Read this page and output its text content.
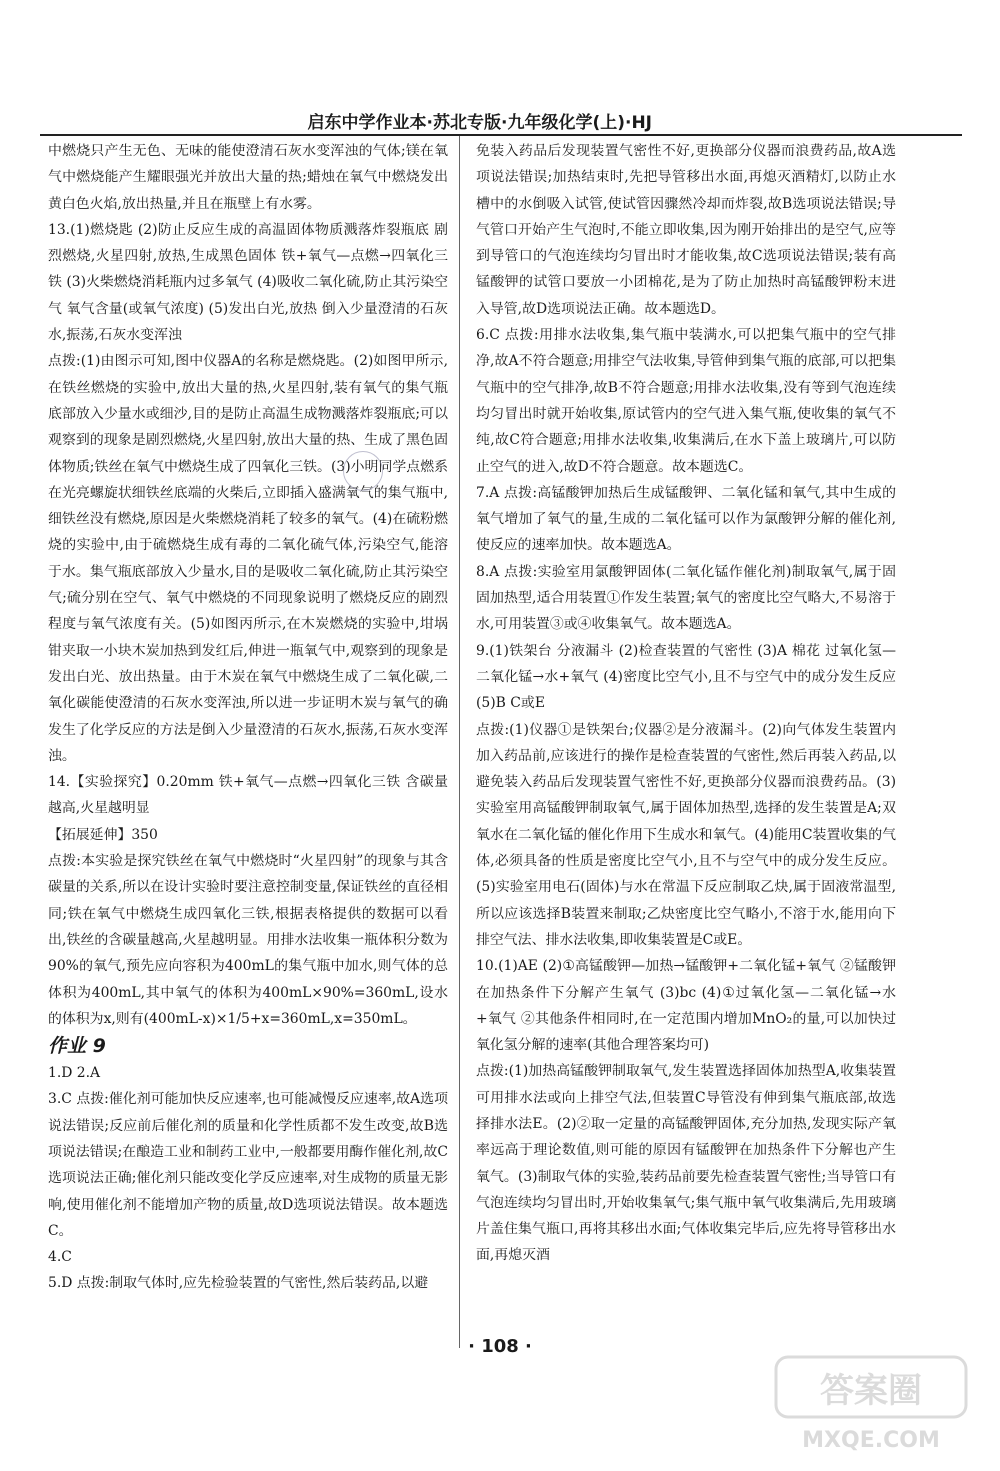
启东中学作业本·苏北专版·九年级化学(上)·HJ

中燃烧只产生无色、无味的能使澄清石灰水变浑浊的气体;镁在氧气中燃烧能产生耀眼强光并放出大量的热;蜡烛在氧气中燃烧发出黄白色火焰,放出热量,并且在瓶壁上有水雾。

13.(1)燃烧匙 (2)防止反应生成的高温固体物质溅落炸裂瓶底 剧烈燃烧,火星四射,放热,生成黑色固体 铁+氧气—点燃→四氧化三铁 (3)火柴燃烧消耗瓶内过多氧气 (4)吸收二氧化硫,防止其污染空气 氧气含量(或氧气浓度) (5)发出白光,放热 倒入少量澄清的石灰水,振荡,石灰水变浑浊

点拨:(1)由图示可知,图中仪器A的名称是燃烧匙。(2)如图甲所示,在铁丝燃烧的实验中,放出大量的热,火星四射,装有氧气的集气瓶底部放入少量水或细沙,目的是防止高温生成物溅落炸裂瓶底;可以观察到的现象是剧烈燃烧,火星四射,放出大量的热、生成了黑色固体物质;铁丝在氧气中燃烧生成了四氧化三铁。(3)小明同学点燃系在光亮螺旋状细铁丝底端的火柴后,立即插入盛满氧气的集气瓶中,细铁丝没有燃烧,原因是火柴燃烧消耗了较多的氧气。(4)在硫粉燃烧的实验中,由于硫燃烧生成有毒的二氧化硫气体,污染空气,能溶于水。集气瓶底部放入少量水,目的是吸收二氧化硫,防止其污染空气;硫分别在空气、氧气中燃烧的不同现象说明了燃烧反应的剧烈程度与氧气浓度有关。(5)如图丙所示,在木炭燃烧的实验中,坩埚钳夹取一小块木炭加热到发红后,伸进一瓶氧气中,观察到的现象是发出白光、放出热量。由于木炭在氧气中燃烧生成了二氧化碳,二氧化碳能使澄清的石灰水变浑浊,所以进一步证明木炭与氧气的确发生了化学反应的方法是倒入少量澄清的石灰水,振荡,石灰水变浑浊。

14.【实验探究】0.20mm 铁+氧气—点燃→四氧化三铁 含碳量越高,火星越明显

【拓展延伸】350

点拨:本实验是探究铁丝在氧气中燃烧时“火星四射”的现象与其含碳量的关系,所以在设计实验时要注意控制变量,保证铁丝的直径相同;铁在氧气中燃烧生成四氧化三铁,根据表格提供的数据可以看出,铁丝的含碳量越高,火星越明显。用排水法收集一瓶体积分数为90%的氧气,预先应向容积为400mL的集气瓶中加水,则气体的总体积为400mL,其中氧气的体积为400mL×90%=360mL,设水的体积为x,则有(400mL-x)×1/5+x=360mL,x=350mL。

作业 9

1.D 2.A

3.C 点拨:催化剂可能加快反应速率,也可能减慢反应速率,故A选项说法错误;反应前后催化剂的质量和化学性质都不发生改变,故B选项说法错误;在酿造工业和制药工业中,一般都要用酶作催化剂,故C选项说法正确;催化剂只能改变化学反应速率,对生成物的质量无影响,使用催化剂不能增加产物的质量,故D选项说法错误。故本题选C。

4.C

5.D 点拨:制取气体时,应先检验装置的气密性,然后装药品,以避

免装入药品后发现装置气密性不好,更换部分仪器而浪费药品,故A选项说法错误;加热结束时,先把导管移出水面,再熄灭酒精灯,以防止水槽中的水倒吸入试管,使试管因骤然冷却而炸裂,故B选项说法错误;导气管口开始产生气泡时,不能立即收集,因为刚开始排出的是空气,应等到导管口的气泡连续均匀冒出时才能收集,故C选项说法错误;装有高锰酸钾的试管口要放一小团棉花,是为了防止加热时高锰酸钾粉末进入导管,故D选项说法正确。故本题选D。

6.C 点拨:用排水法收集,集气瓶中装满水,可以把集气瓶中的空气排净,故A不符合题意;用排空气法收集,导管伸到集气瓶的底部,可以把集气瓶中的空气排净,故B不符合题意;用排水法收集,没有等到气泡连续均匀冒出时就开始收集,原试管内的空气进入集气瓶,使收集的氧气不纯,故C符合题意;用排水法收集,收集满后,在水下盖上玻璃片,可以防止空气的进入,故D不符合题意。故本题选C。

7.A 点拨:高锰酸钾加热后生成锰酸钾、二氧化锰和氧气,其中生成的氧气增加了氧气的量,生成的二氧化锰可以作为氯酸钾分解的催化剂,使反应的速率加快。故本题选A。

8.A 点拨:实验室用氯酸钾固体(二氧化锰作催化剂)制取氧气,属于固固加热型,适合用装置①作发生装置;氧气的密度比空气略大,不易溶于水,可用装置③或④收集氧气。故本题选A。

9.(1)铁架台 分液漏斗 (2)检查装置的气密性 (3)A 棉花 过氧化氢—二氧化锰→水+氧气 (4)密度比空气小,且不与空气中的成分发生反应 (5)B C或E

点拨:(1)仪器①是铁架台;仪器②是分液漏斗。(2)向气体发生装置内加入药品前,应该进行的操作是检查装置的气密性,然后再装入药品,以避免装入药品后发现装置气密性不好,更换部分仪器而浪费药品。(3)实验室用高锰酸钾制取氧气,属于固体加热型,选择的发生装置是A;双氧水在二氧化锰的催化作用下生成水和氧气。(4)能用C装置收集的气体,必须具备的性质是密度比空气小,且不与空气中的成分发生反应。(5)实验室用电石(固体)与水在常温下反应制取乙炔,属于固液常温型,所以应该选择B装置来制取;乙炔密度比空气略小,不溶于水,能用向下排空气法、排水法收集,即收集装置是C或E。

10.(1)AE (2)①高锰酸钾—加热→锰酸钾+二氧化锰+氧气 ②锰酸钾在加热条件下分解产生氧气 (3)bc (4)①过氧化氢—二氧化锰→水+氧气 ②其他条件相同时,在一定范围内增加MnO₂的量,可以加快过氧化氢分解的速率(其他合理答案均可)

点拨:(1)加热高锰酸钾制取氧气,发生装置选择固体加热型A,收集装置可用排水法或向上排空气法,但装置C导管没有伸到集气瓶底部,故选择排水法E。(2)②取一定量的高锰酸钾固体,充分加热,发现实际产氧率远高于理论数值,则可能的原因有锰酸钾在加热条件下分解也产生氧气。(3)制取气体的实验,装药品前要先检查装置气密性;当导管口有气泡连续均匀冒出时,开始收集氧气;集气瓶中氧气收集满后,先用玻璃片盖住集气瓶口,再将其移出水面;气体收集完毕后,应先将导管移出水面,再熄灭酒

· 108 ·
答案圈
MXQE.COM
